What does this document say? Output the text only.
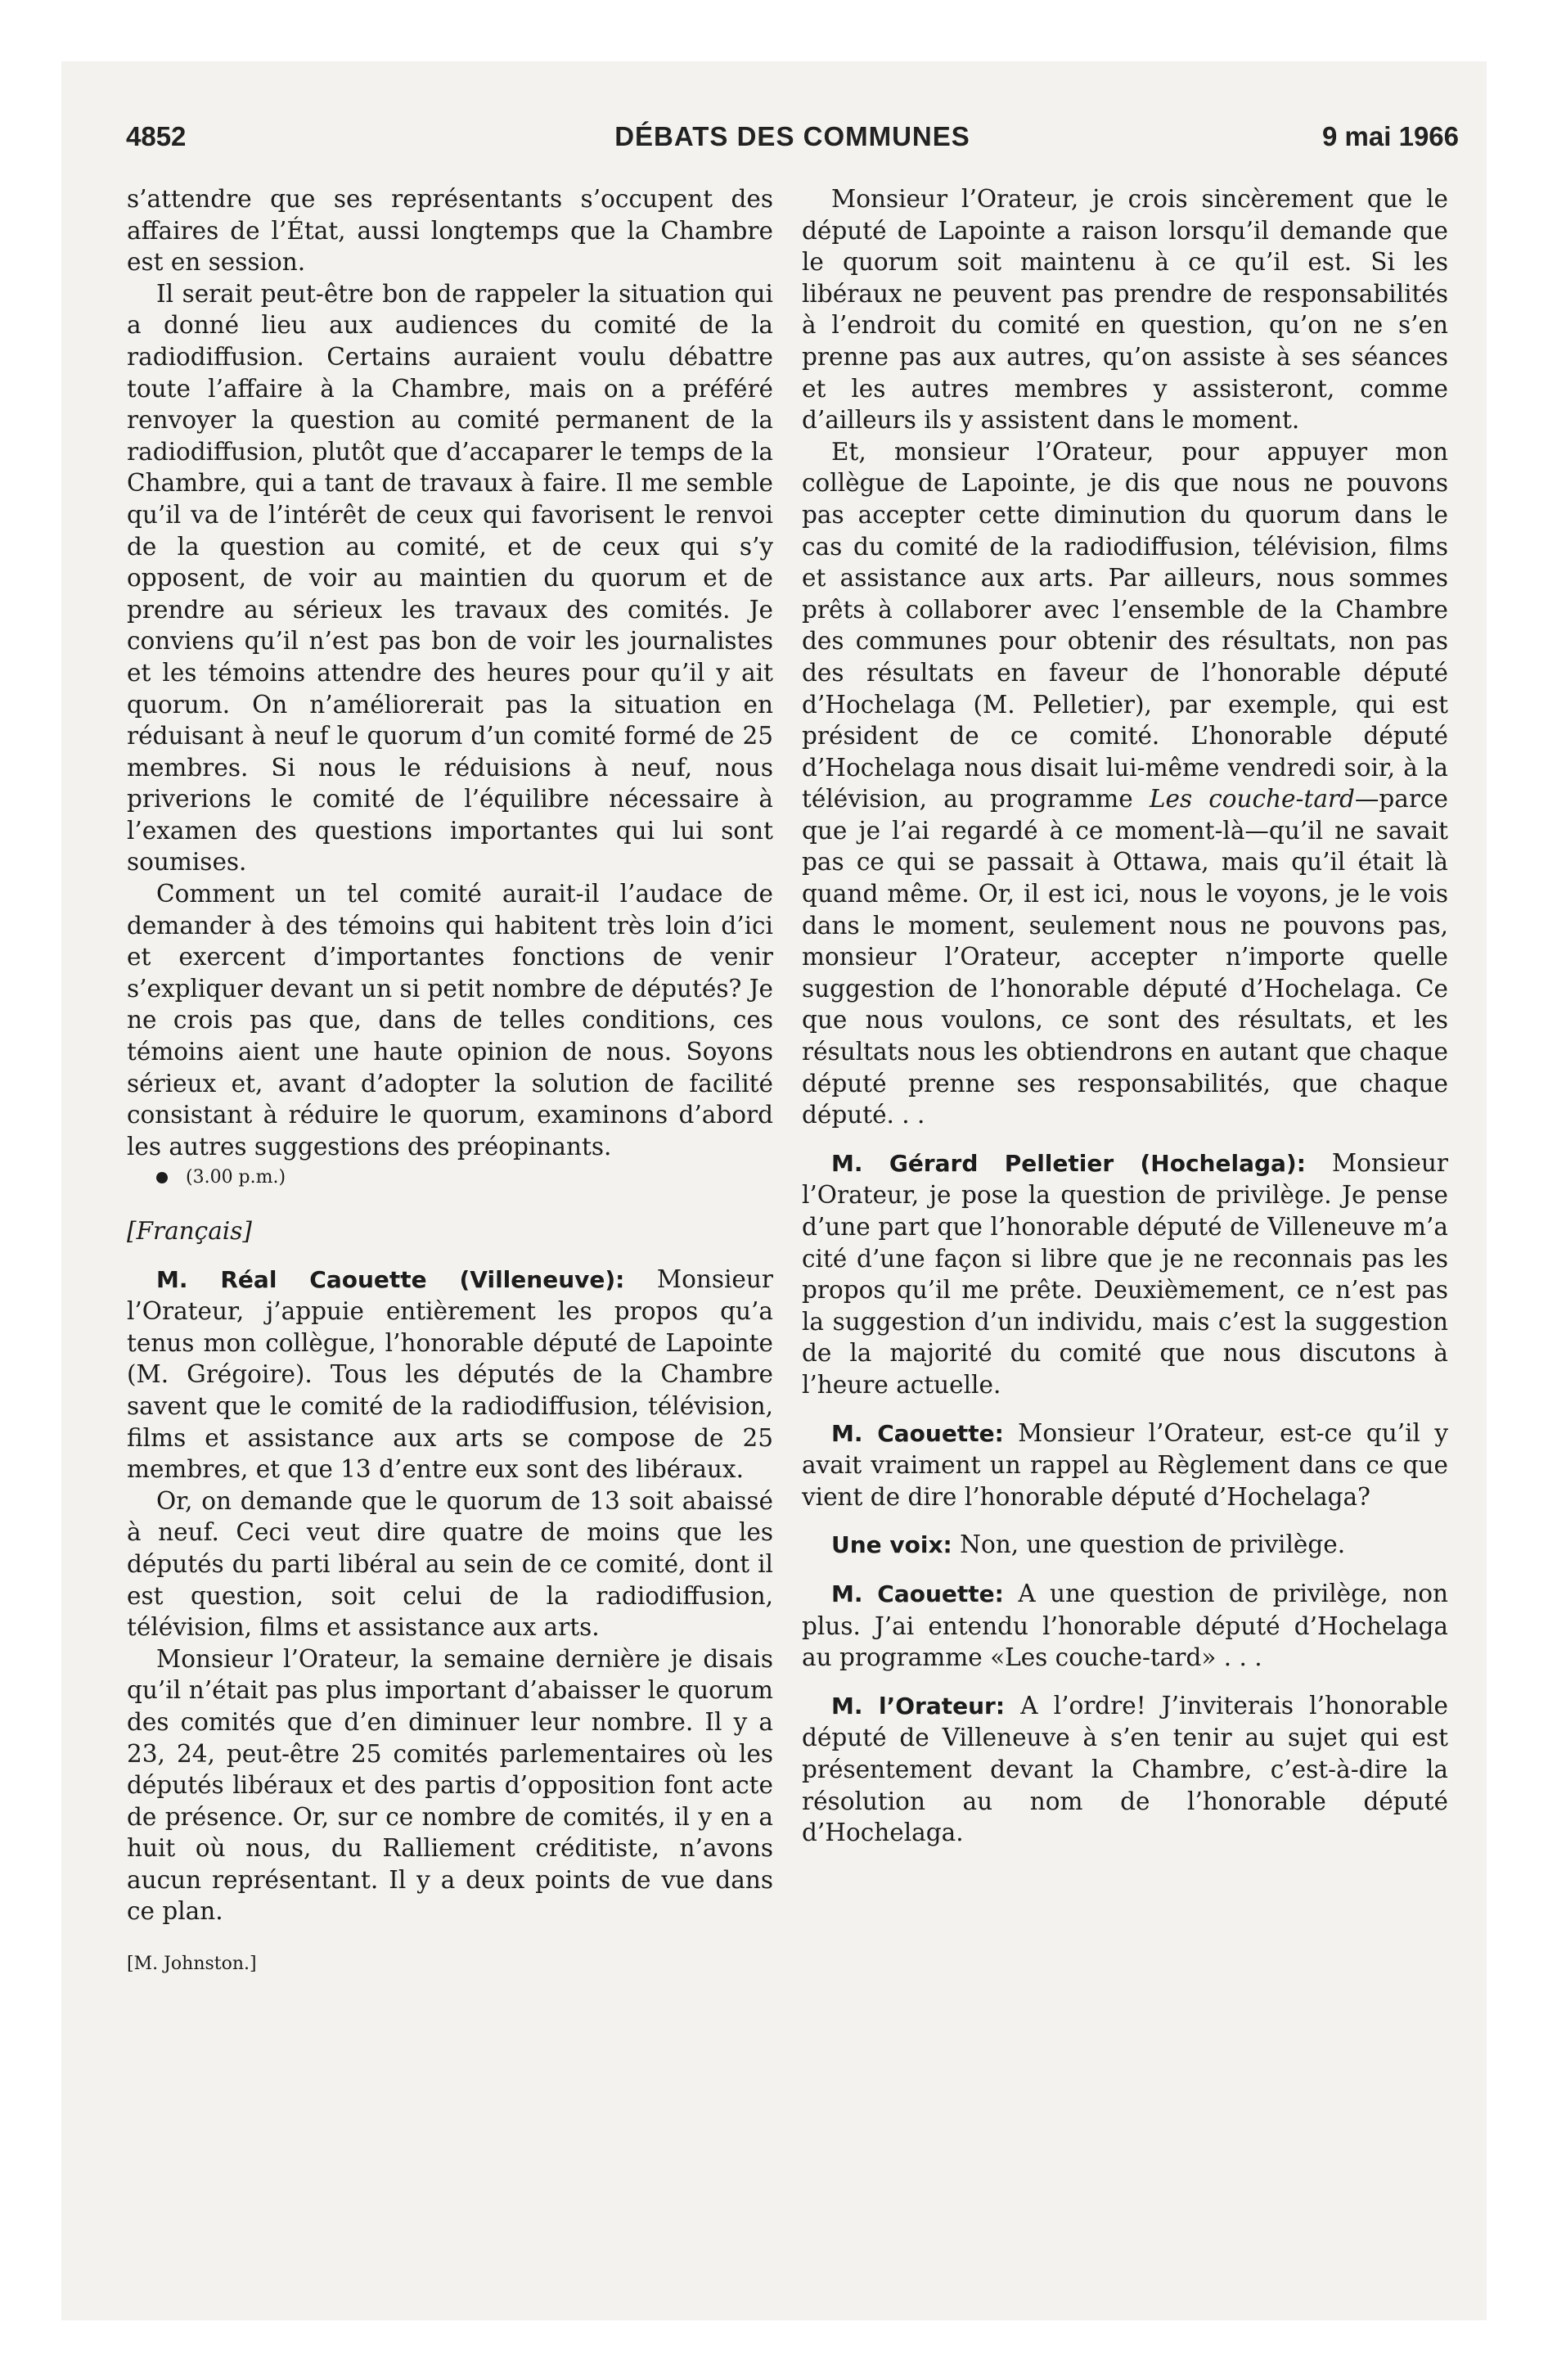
4852	DÉBATS DES COMMUNES	9 mai 1966

s’attendre que ses représentants s’occupent des affaires de l’État, aussi longtemps que la Chambre est en session.

Il serait peut-être bon de rappeler la situation qui a donné lieu aux audiences du comité de la radiodiffusion. Certains auraient voulu débattre toute l’affaire à la Chambre, mais on a préféré renvoyer la question au comité permanent de la radiodiffusion, plutôt que d’accaparer le temps de la Chambre, qui a tant de travaux à faire. Il me semble qu’il va de l’intérêt de ceux qui favorisent le renvoi de la question au comité, et de ceux qui s’y opposent, de voir au maintien du quorum et de prendre au sérieux les travaux des comités. Je conviens qu’il n’est pas bon de voir les journalistes et les témoins attendre des heures pour qu’il y ait quorum. On n’améliorerait pas la situation en réduisant à neuf le quorum d’un comité formé de 25 membres. Si nous le réduisions à neuf, nous priverions le comité de l’équilibre nécessaire à l’examen des questions importantes qui lui sont soumises.

Comment un tel comité aurait-il l’audace de demander à des témoins qui habitent très loin d’ici et exercent d’importantes fonctions de venir s’expliquer devant un si petit nombre de députés? Je ne crois pas que, dans de telles conditions, ces témoins aient une haute opinion de nous. Soyons sérieux et, avant d’adopter la solution de facilité consistant à réduire le quorum, examinons d’abord les autres suggestions des préopinants.

(3.00 p.m.)

[Français]

M. Réal Caouette (Villeneuve): Monsieur l’Orateur, j’appuie entièrement les propos qu’a tenus mon collègue, l’honorable député de Lapointe (M. Grégoire). Tous les députés de la Chambre savent que le comité de la radiodiffusion, télévision, films et assistance aux arts se compose de 25 membres, et que 13 d’entre eux sont des libéraux.

Or, on demande que le quorum de 13 soit abaissé à neuf. Ceci veut dire quatre de moins que les députés du parti libéral au sein de ce comité, dont il est question, soit celui de la radiodiffusion, télévision, films et assistance aux arts.

Monsieur l’Orateur, la semaine dernière je disais qu’il n’était pas plus important d’abaisser le quorum des comités que d’en diminuer leur nombre. Il y a 23, 24, peut-être 25 comités parlementaires où les députés libéraux et des partis d’opposition font acte de présence. Or, sur ce nombre de comités, il y en a huit où nous, du Ralliement créditiste, n’avons aucun représentant. Il y a deux points de vue dans ce plan.

[M. Johnston.]

Monsieur l’Orateur, je crois sincèrement que le député de Lapointe a raison lorsqu’il demande que le quorum soit maintenu à ce qu’il est. Si les libéraux ne peuvent pas prendre de responsabilités à l’endroit du comité en question, qu’on ne s’en prenne pas aux autres, qu’on assiste à ses séances et les autres membres y assisteront, comme d’ailleurs ils y assistent dans le moment.

Et, monsieur l’Orateur, pour appuyer mon collègue de Lapointe, je dis que nous ne pouvons pas accepter cette diminution du quorum dans le cas du comité de la radiodiffusion, télévision, films et assistance aux arts. Par ailleurs, nous sommes prêts à collaborer avec l’ensemble de la Chambre des communes pour obtenir des résultats, non pas des résultats en faveur de l’honorable député d’Hochelaga (M. Pelletier), par exemple, qui est président de ce comité. L’honorable député d’Hochelaga nous disait lui-même vendredi soir, à la télévision, au programme Les couche-tard—parce que je l’ai regardé à ce moment-là—qu’il ne savait pas ce qui se passait à Ottawa, mais qu’il était là quand même. Or, il est ici, nous le voyons, je le vois dans le moment, seulement nous ne pouvons pas, monsieur l’Orateur, accepter n’importe quelle suggestion de l’honorable député d’Hochelaga. Ce que nous voulons, ce sont des résultats, et les résultats nous les obtiendrons en autant que chaque député prenne ses responsabilités, que chaque député. . .

M. Gérard Pelletier (Hochelaga): Monsieur l’Orateur, je pose la question de privilège. Je pense d’une part que l’honorable député de Villeneuve m’a cité d’une façon si libre que je ne reconnais pas les propos qu’il me prête. Deuxièmement, ce n’est pas la suggestion d’un individu, mais c’est la suggestion de la majorité du comité que nous discutons à l’heure actuelle.

M. Caouette: Monsieur l’Orateur, est-ce qu’il y avait vraiment un rappel au Règlement dans ce que vient de dire l’honorable député d’Hochelaga?

Une voix: Non, une question de privilège.

M. Caouette: A une question de privilège, non plus. J’ai entendu l’honorable député d’Hochelaga au programme «Les couche-tard» . . .

M. l’Orateur: A l’ordre! J’inviterais l’honorable député de Villeneuve à s’en tenir au sujet qui est présentement devant la Chambre, c’est-à-dire la résolution au nom de l’honorable député d’Hochelaga.
